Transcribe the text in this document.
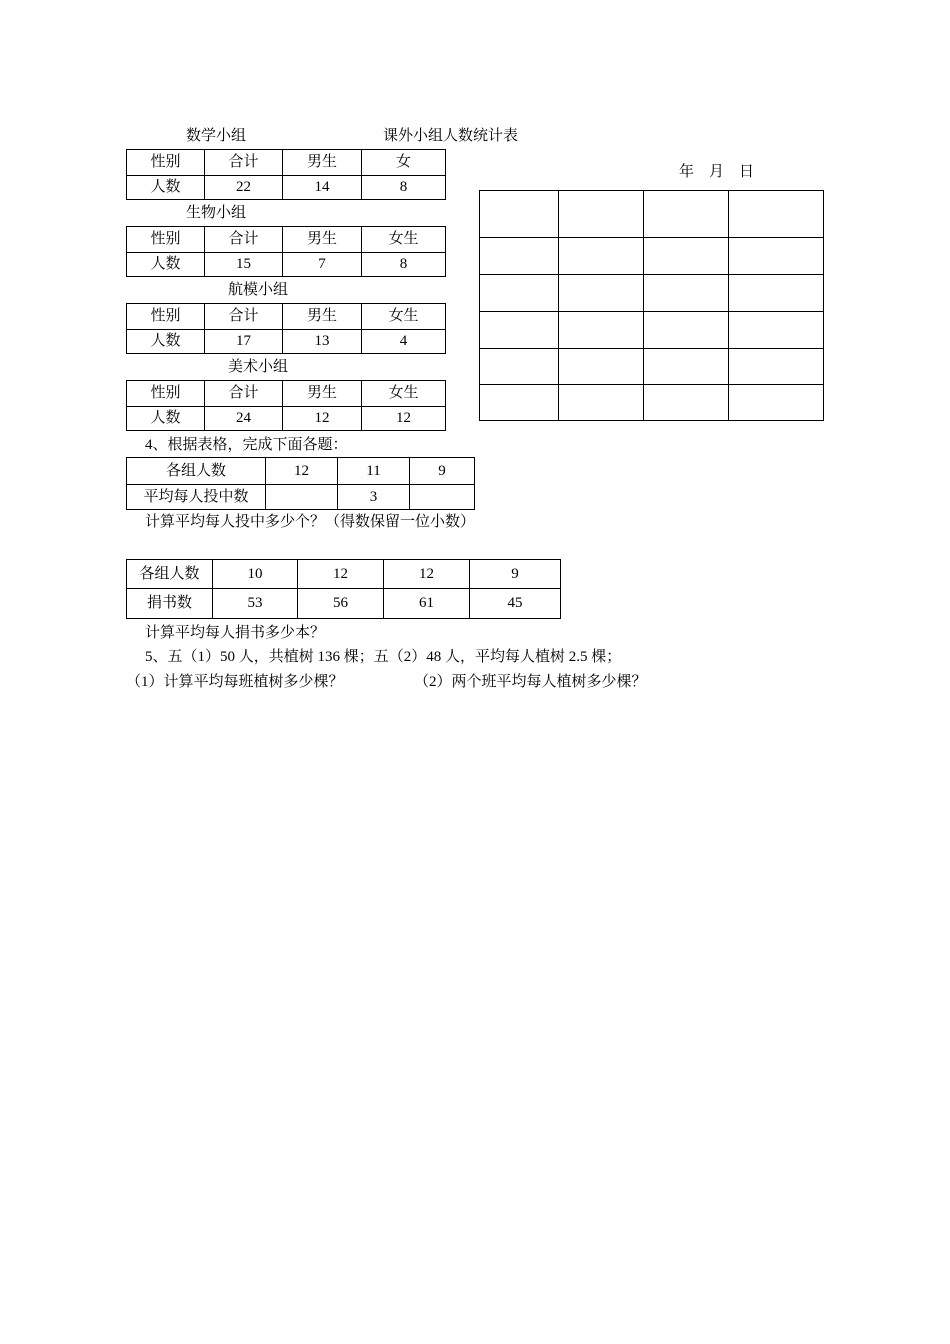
数学小组	课外小组人数统计表
年　月　日
性别	合计	男生	女
人数	22	14	8
生物小组
性别	合计	男生	女生
人数	15	7	8
航模小组
性别	合计	男生	女生
人数	17	13	4
美术小组
性别	合计	男生	女生
人数	24	12	12

4、根据表格，完成下面各题：
各组人数	12	11	9
平均每人投中数		3	
计算平均每人投中多少个？（得数保留一位小数）
各组人数	10	12	12	9
捐书数	53	56	61	45
计算平均每人捐书多少本？
5、五（1）50 人，共植树 136 棵；五（2）48 人，平均每人植树 2.5 棵；
（1）计算平均每班植树多少棵？	（2）两个班平均每人植树多少棵？
